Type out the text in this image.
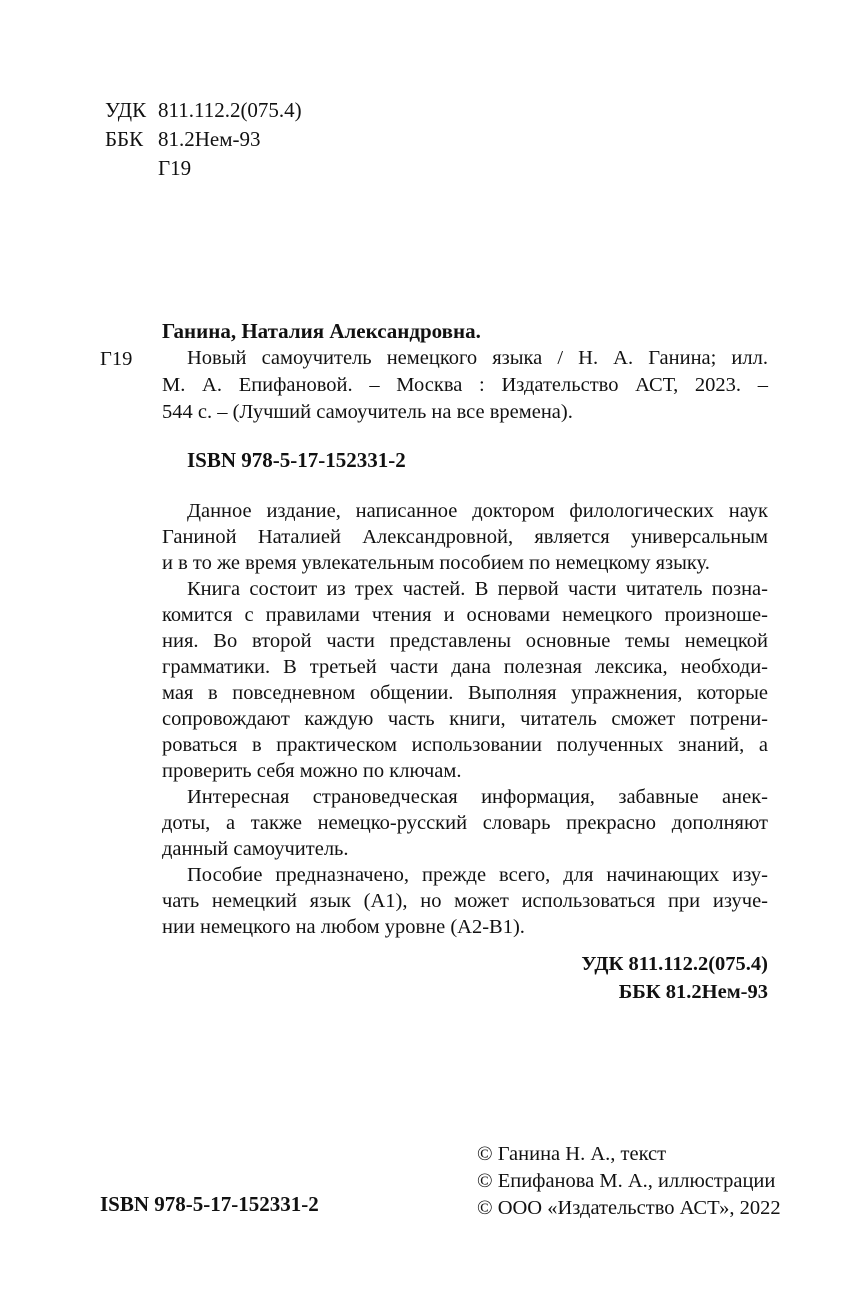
УДК 811.112.2(075.4)
ББК 81.2Нем-93
Г19
Ганина, Наталия Александровна.
Г19	Новый самоучитель немецкого языка / Н. А. Ганина; илл.
М. А. Епифановой. – Москва : Издательство АСТ, 2023. –
544 с. – (Лучший самоучитель на все времена).
ISBN 978-5-17-152331-2
Данное издание, написанное доктором филологических наук
Ганиной Наталией Александровной, является универсальным
и в то же время увлекательным пособием по немецкому языку.
Книга состоит из трех частей. В первой части читатель позна-
комится с правилами чтения и основами немецкого произноше-
ния. Во второй части представлены основные темы немецкой
грамматики. В третьей части дана полезная лексика, необходи-
мая в повседневном общении. Выполняя упражнения, которые
сопровождают каждую часть книги, читатель сможет потрени-
роваться в практическом использовании полученных знаний, а
проверить себя можно по ключам.
Интересная страноведческая информация, забавные анек-
доты, а также немецко-русский словарь прекрасно дополняют
данный самоучитель.
Пособие предназначено, прежде всего, для начинающих изу-
чать немецкий язык (А1), но может использоваться при изуче-
нии немецкого на любом уровне (А2-В1).
УДК 811.112.2(075.4)
ББК 81.2Нем-93
© Ганина Н. А., текст
© Епифанова М. А., иллюстрации
© ООО «Издательство АСТ», 2022
ISBN 978-5-17-152331-2
